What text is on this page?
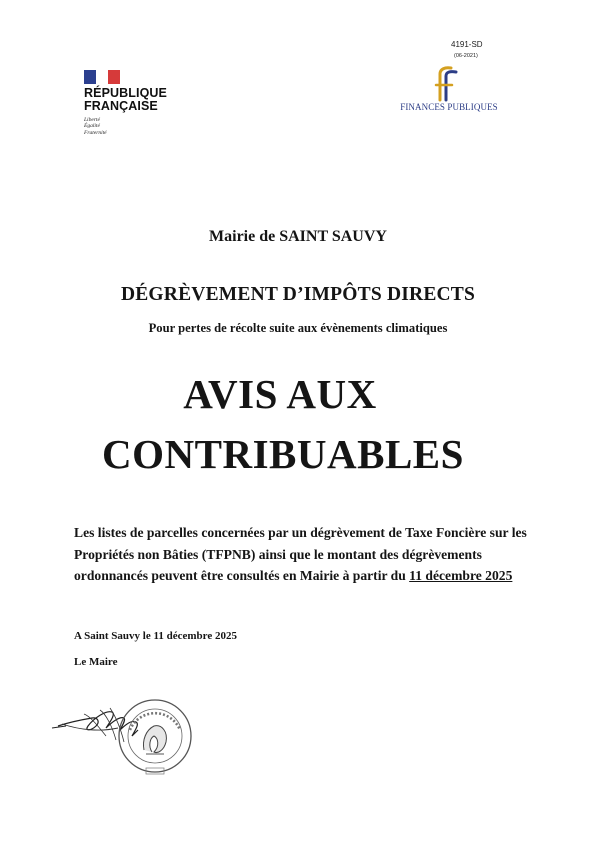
RÉPUBLIQUE
FRANÇAISE
Liberté
Égalité
Fraternité
4191-SD
(06-2021)
FINANCES PUBLIQUES
Mairie de SAINT SAUVY
DÉGRÈVEMENT D’IMPÔTS DIRECTS
Pour pertes de récolte suite aux évènements climatiques
AVIS AUX
CONTRIBUABLES
Les listes de parcelles concernées par un dégrèvement de Taxe Foncière sur les Propriétés non Bâties (TFPNB) ainsi que le montant des dégrèvements ordonnancés peuvent être consultés en Mairie à partir du 11 décembre 2025
A Saint Sauvy le 11 décembre 2025
Le Maire
